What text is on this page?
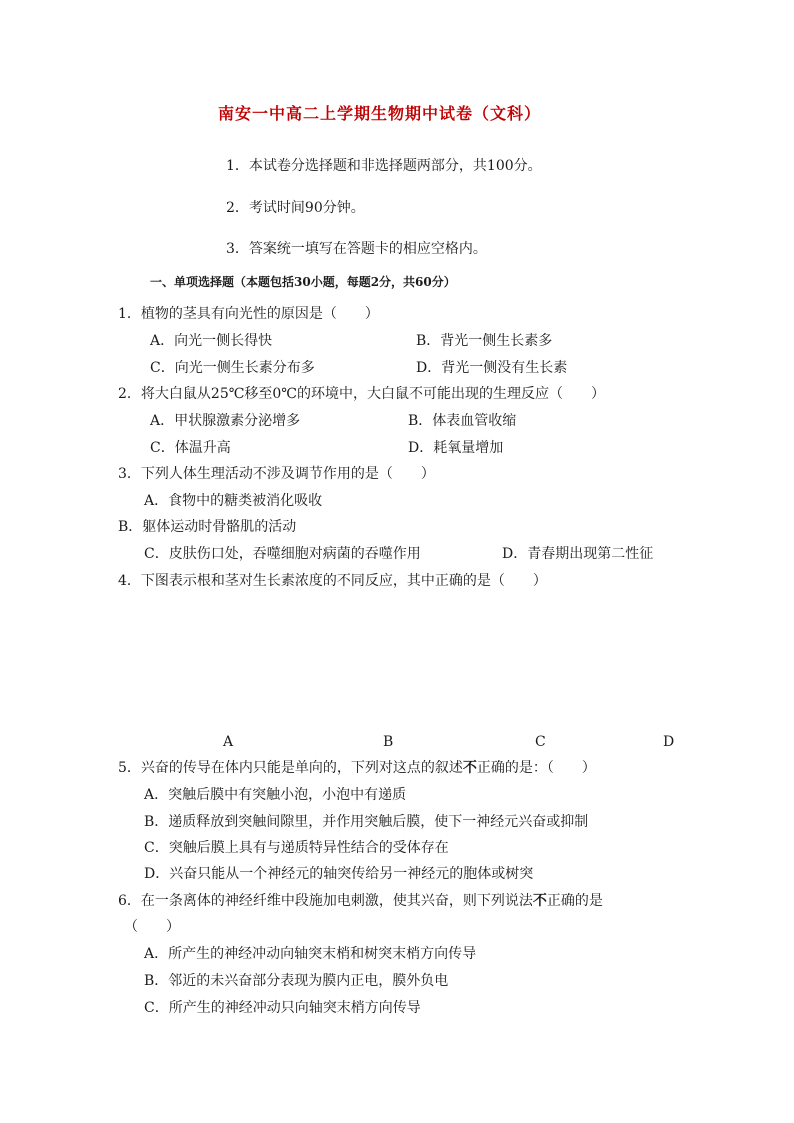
南安一中高二上学期生物期中试卷（文科）
1．本试卷分选择题和非选择题两部分，共100分。
2．考试时间90分钟。
3．答案统一填写在答题卡的相应空格内。
一、单项选择题（本题包括30小题，每题2分，共60分）
1．植物的茎具有向光性的原因是（　　）
A．向光一侧长得快	B．背光一侧生长素多
C．向光一侧生长素分布多	D．背光一侧没有生长素
2．将大白鼠从25℃移至0℃的环境中，大白鼠不可能出现的生理反应（　　）
A．甲状腺激素分泌增多	B．体表血管收缩
C．体温升高	D．耗氧量增加
3．下列人体生理活动不涉及调节作用的是（　　）
A．食物中的糖类被消化吸收
B．躯体运动时骨骼肌的活动
C．皮肤伤口处，吞噬细胞对病菌的吞噬作用	D．青春期出现第二性征
4．下图表示根和茎对生长素浓度的不同反应，其中正确的是（　　）
A	B	C	D
5．兴奋的传导在体内只能是单向的，下列对这点的叙述不正确的是：（　　）
A．突触后膜中有突触小泡，小泡中有递质
B．递质释放到突触间隙里，并作用突触后膜，使下一神经元兴奋或抑制
C．突触后膜上具有与递质特异性结合的受体存在
D．兴奋只能从一个神经元的轴突传给另一神经元的胞体或树突
6．在一条离体的神经纤维中段施加电刺激，使其兴奋，则下列说法不正确的是
（　　）
A．所产生的神经冲动向轴突末梢和树突末梢方向传导
B．邻近的未兴奋部分表现为膜内正电，膜外负电
C．所产生的神经冲动只向轴突末梢方向传导
